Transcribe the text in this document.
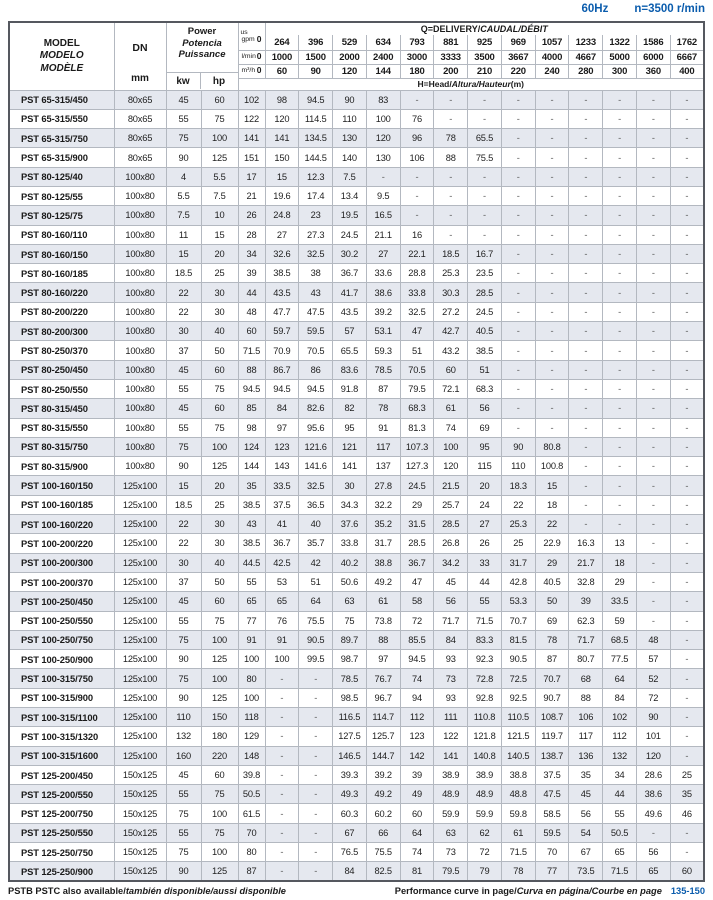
60Hz n=3500 r/min
MODEL
MODELO
MODÈLE

DN
mm

Power
Potencia
Puissance
kw	hp

us
gpm 0
	Q=DELIVERY/CAUDAL/DÉBIT
					264	396	529	634	793	881	925	969	1057	1233	1322	1586	1762

				l/min 0	1000	1500	2000	2400	3000	3333	3500	3667	4000	4667	5000	6000	6667

				m³/h 0	60	90	120	144	180	200	210	220	240	280	300	360	400
				H=Head/Altura/Hauteur(m)													
PST 65-315/450	80x65	45	60	102	98	94.5	90	83	-	-	-	-	-	-	-	-	-
PST 65-315/550	80x65	55	75	122	120	114.5	110	100	76	-	-	-	-	-	-	-	-
PST 65-315/750	80x65	75	100	141	141	134.5	130	120	96	78	65.5	-	-	-	-	-	-
PST 65-315/900	80x65	90	125	151	150	144.5	140	130	106	88	75.5	-	-	-	-	-	-
PST 80-125/40	100x80	4	5.5	17	15	12.3	7.5	-	-	-	-	-	-	-	-	-	-
PST 80-125/55	100x80	5.5	7.5	21	19.6	17.4	13.4	9.5	-	-	-	-	-	-	-	-	-
PST 80-125/75	100x80	7.5	10	26	24.8	23	19.5	16.5	-	-	-	-	-	-	-	-	-
PST 80-160/110	100x80	11	15	28	27	27.3	24.5	21.1	16	-	-	-	-	-	-	-	-
PST 80-160/150	100x80	15	20	34	32.6	32.5	30.2	27	22.1	18.5	16.7	-	-	-	-	-	-
PST 80-160/185	100x80	18.5	25	39	38.5	38	36.7	33.6	28.8	25.3	23.5	-	-	-	-	-	-
PST 80-160/220	100x80	22	30	44	43.5	43	41.7	38.6	33.8	30.3	28.5	-	-	-	-	-	-
PST 80-200/220	100x80	22	30	48	47.7	47.5	43.5	39.2	32.5	27.2	24.5	-	-	-	-	-	-
PST 80-200/300	100x80	30	40	60	59.7	59.5	57	53.1	47	42.7	40.5	-	-	-	-	-	-
PST 80-250/370	100x80	37	50	71.5	70.9	70.5	65.5	59.3	51	43.2	38.5	-	-	-	-	-	-
PST 80-250/450	100x80	45	60	88	86.7	86	83.6	78.5	70.5	60	51	-	-	-	-	-	-
PST 80-250/550	100x80	55	75	94.5	94.5	94.5	91.8	87	79.5	72.1	68.3	-	-	-	-	-	-
PST 80-315/450	100x80	45	60	85	84	82.6	82	78	68.3	61	56	-	-	-	-	-	-
PST 80-315/550	100x80	55	75	98	97	95.6	95	91	81.3	74	69	-	-	-	-	-	-
PST 80-315/750	100x80	75	100	124	123	121.6	121	117	107.3	100	95	90	80.8	-	-	-	-
PST 80-315/900	100x80	90	125	144	143	141.6	141	137	127.3	120	115	110	100.8	-	-	-	-
PST 100-160/150	125x100	15	20	35	33.5	32.5	30	27.8	24.5	21.5	20	18.3	15	-	-	-	-
PST 100-160/185	125x100	18.5	25	38.5	37.5	36.5	34.3	32.2	29	25.7	24	22	18	-	-	-	-
PST 100-160/220	125x100	22	30	43	41	40	37.6	35.2	31.5	28.5	27	25.3	22	-	-	-	-
PST 100-200/220	125x100	22	30	38.5	36.7	35.7	33.8	31.7	28.5	26.8	26	25	22.9	16.3	13	-	-
PST 100-200/300	125x100	30	40	44.5	42.5	42	40.2	38.8	36.7	34.2	33	31.7	29	21.7	18	-	-
PST 100-200/370	125x100	37	50	55	53	51	50.6	49.2	47	45	44	42.8	40.5	32.8	29	-	-
PST 100-250/450	125x100	45	60	65	65	64	63	61	58	56	55	53.3	50	39	33.5	-	-
PST 100-250/550	125x100	55	75	77	76	75.5	75	73.8	72	71.7	71.5	70.7	69	62.3	59	-	-
PST 100-250/750	125x100	75	100	91	91	90.5	89.7	88	85.5	84	83.3	81.5	78	71.7	68.5	48	-
PST 100-250/900	125x100	90	125	100	100	99.5	98.7	97	94.5	93	92.3	90.5	87	80.7	77.5	57	-
PST 100-315/750	125x100	75	100	80	-	-	78.5	76.7	74	73	72.8	72.5	70.7	68	64	52	-
PST 100-315/900	125x100	90	125	100	-	-	98.5	96.7	94	93	92.8	92.5	90.7	88	84	72	-
PST 100-315/1100	125x100	110	150	118	-	-	116.5	114.7	112	111	110.8	110.5	108.7	106	102	90	-
PST 100-315/1320	125x100	132	180	129	-	-	127.5	125.7	123	122	121.8	121.5	119.7	117	112	101	-
PST 100-315/1600	125x100	160	220	148	-	-	146.5	144.7	142	141	140.8	140.5	138.7	136	132	120	-
PST 125-200/450	150x125	45	60	39.8	-	-	39.3	39.2	39	38.9	38.9	38.8	37.5	35	34	28.6	25
PST 125-200/550	150x125	55	75	50.5	-	-	49.3	49.2	49	48.9	48.9	48.8	47.5	45	44	38.6	35
PST 125-200/750	150x125	75	100	61.5	-	-	60.3	60.2	60	59.9	59.9	59.8	58.5	56	55	49.6	46
PST 125-250/550	150x125	55	75	70	-	-	67	66	64	63	62	61	59.5	54	50.5	-	-
PST 125-250/750	150x125	75	100	80	-	-	76.5	75.5	74	73	72	71.5	70	67	65	56	-
PST 125-250/900	150x125	90	125	87	-	-	84	82.5	81	79.5	79	78	77	73.5	71.5	65	60
PSTB PSTC also available/también disponible/aussi disponible	Performance curve in page/Curva en página/Courbe en page 135-150
